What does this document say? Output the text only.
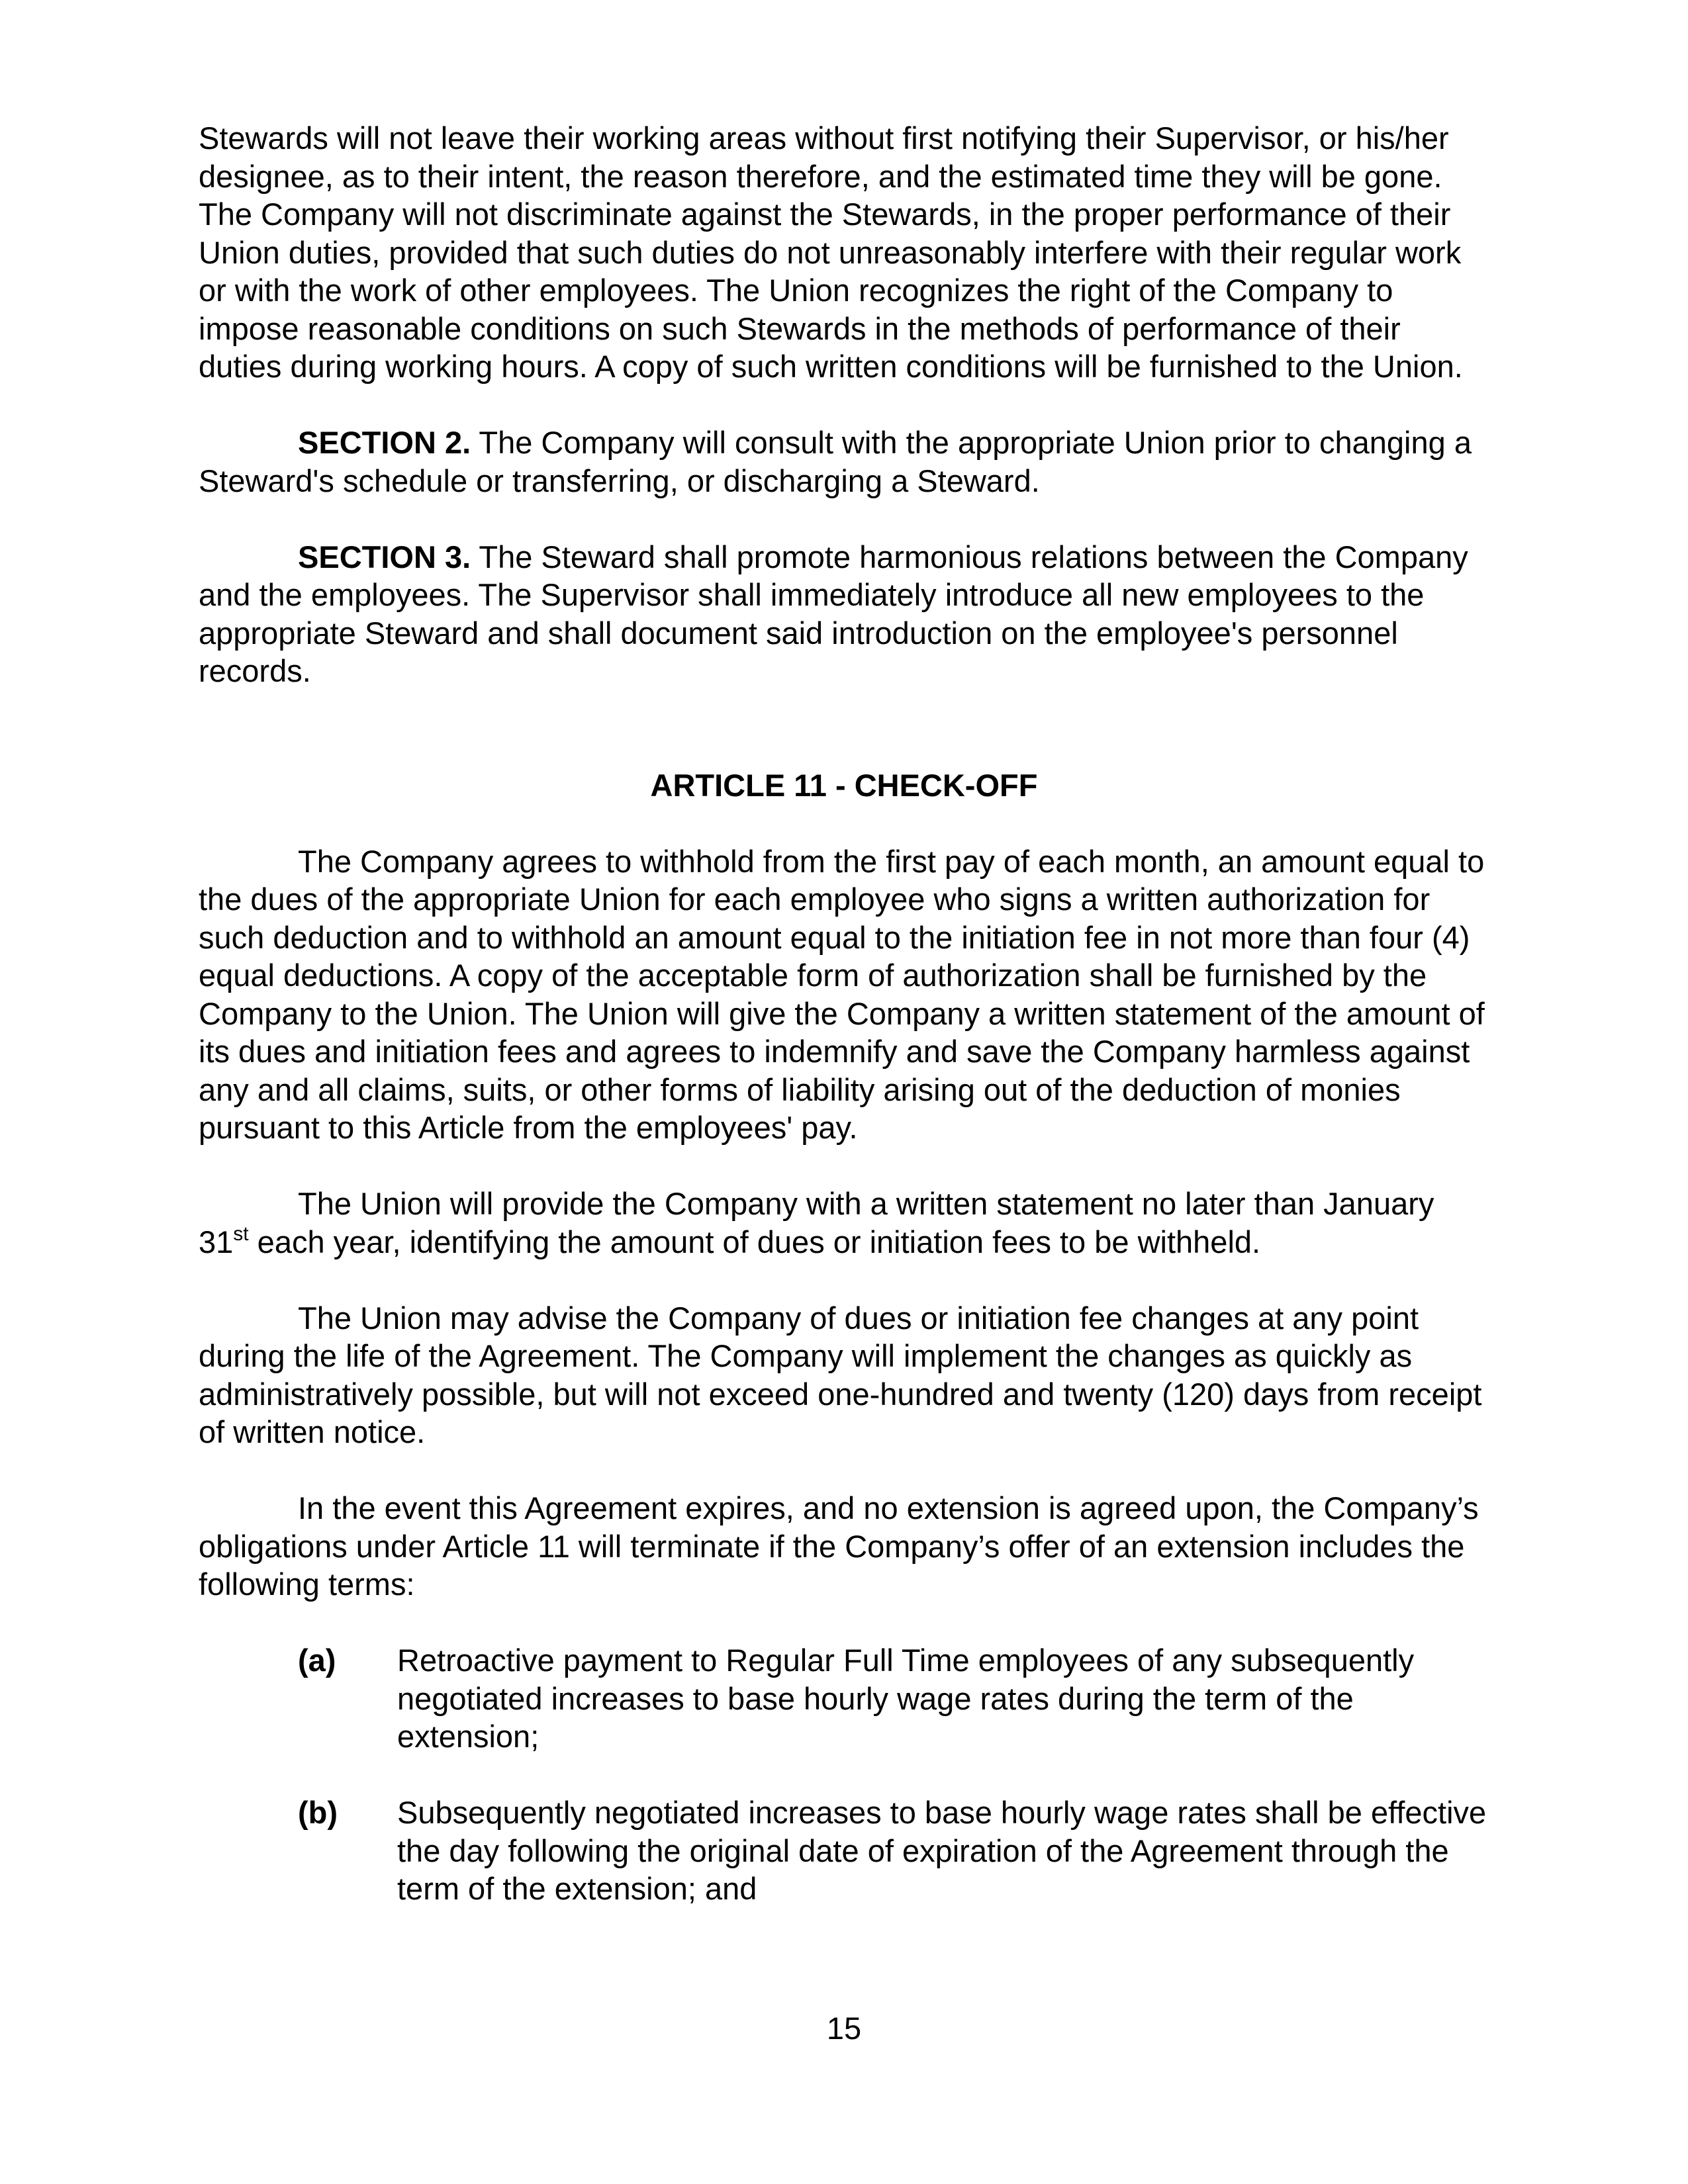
Stewards will not leave their working areas without first notifying their Supervisor, or his/her designee, as to their intent, the reason therefore, and the estimated time they will be gone. The Company will not discriminate against the Stewards, in the proper performance of their Union duties, provided that such duties do not unreasonably interfere with their regular work or with the work of other employees. The Union recognizes the right of the Company to impose reasonable conditions on such Stewards in the methods of performance of their duties during working hours. A copy of such written conditions will be furnished to the Union.

SECTION 2. The Company will consult with the appropriate Union prior to changing a Steward's schedule or transferring, or discharging a Steward.

SECTION 3. The Steward shall promote harmonious relations between the Company and the employees. The Supervisor shall immediately introduce all new employees to the appropriate Steward and shall document said introduction on the employee's personnel records.

ARTICLE 11 - CHECK-OFF

The Company agrees to withhold from the first pay of each month, an amount equal to the dues of the appropriate Union for each employee who signs a written authorization for such deduction and to withhold an amount equal to the initiation fee in not more than four (4) equal deductions. A copy of the acceptable form of authorization shall be furnished by the Company to the Union. The Union will give the Company a written statement of the amount of its dues and initiation fees and agrees to indemnify and save the Company harmless against any and all claims, suits, or other forms of liability arising out of the deduction of monies pursuant to this Article from the employees' pay.

The Union will provide the Company with a written statement no later than January 31st each year, identifying the amount of dues or initiation fees to be withheld.

The Union may advise the Company of dues or initiation fee changes at any point during the life of the Agreement. The Company will implement the changes as quickly as administratively possible, but will not exceed one-hundred and twenty (120) days from receipt of written notice.

In the event this Agreement expires, and no extension is agreed upon, the Company’s obligations under Article 11 will terminate if the Company’s offer of an extension includes the following terms:

(a)	Retroactive payment to Regular Full Time employees of any subsequently negotiated increases to base hourly wage rates during the term of the extension;
(b)	Subsequently negotiated increases to base hourly wage rates shall be effective the day following the original date of expiration of the Agreement through the term of the extension; and
15
